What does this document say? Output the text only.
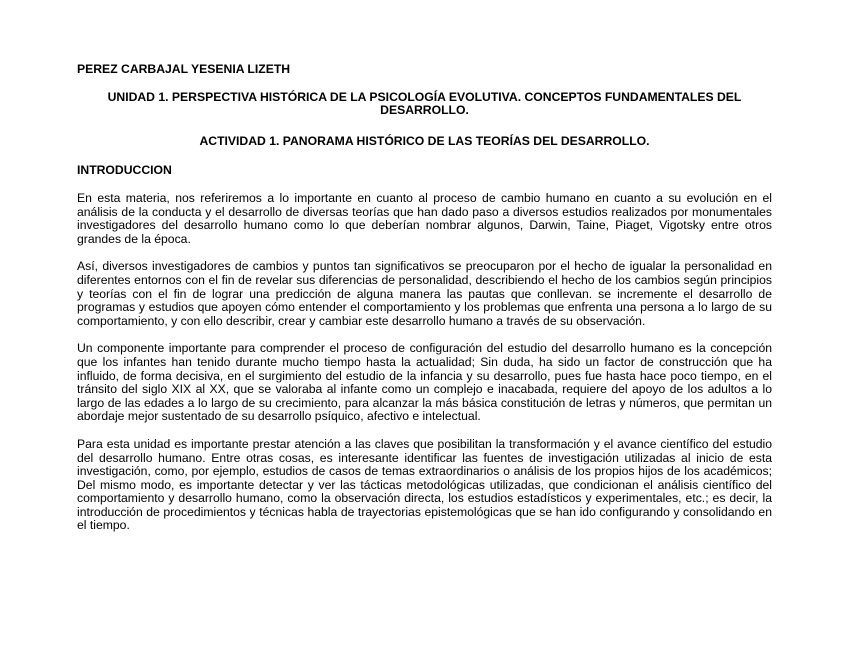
PEREZ CARBAJAL YESENIA LIZETH
UNIDAD 1. PERSPECTIVA HISTÓRICA DE LA PSICOLOGÍA EVOLUTIVA. CONCEPTOS FUNDAMENTALES DEL DESARROLLO.
ACTIVIDAD 1. PANORAMA HISTÓRICO DE LAS TEORÍAS DEL DESARROLLO.
INTRODUCCION

En esta materia, nos referiremos a lo importante en cuanto al proceso de cambio humano en cuanto a su evolución en el análisis de la conducta y el desarrollo de diversas teorías que han dado paso a diversos estudios realizados por monumentales investigadores del desarrollo humano como lo que deberían nombrar algunos, Darwin, Taine, Piaget, Vigotsky entre otros grandes de la época.

Así, diversos investigadores de cambios y puntos tan significativos se preocuparon por el hecho de igualar la personalidad en diferentes entornos con el fin de revelar sus diferencias de personalidad, describiendo el hecho de los cambios según principios y teorías con el fin de lograr una predicción de alguna manera las pautas que conllevan. se incremente el desarrollo de programas y estudios que apoyen cómo entender el comportamiento y los problemas que enfrenta una persona a lo largo de su comportamiento, y con ello describir, crear y cambiar este desarrollo humano a través de su observación.

Un componente importante para comprender el proceso de configuración del estudio del desarrollo humano es la concepción que los infantes han tenido durante mucho tiempo hasta la actualidad; Sin duda, ha sido un factor de construcción que ha influido, de forma decisiva, en el surgimiento del estudio de la infancia y su desarrollo, pues fue hasta hace poco tiempo, en el tránsito del siglo XIX al XX, que se valoraba al infante como un complejo e inacabada, requiere del apoyo de los adultos a lo largo de las edades a lo largo de su crecimiento, para alcanzar la más básica constitución de letras y números, que permitan un abordaje mejor sustentado de su desarrollo psíquico, afectivo e intelectual.

Para esta unidad es importante prestar atención a las claves que posibilitan la transformación y el avance científico del estudio del desarrollo humano. Entre otras cosas, es interesante identificar las fuentes de investigación utilizadas al inicio de esta investigación, como, por ejemplo, estudios de casos de temas extraordinarios o análisis de los propios hijos de los académicos; Del mismo modo, es importante detectar y ver las tácticas metodológicas utilizadas, que condicionan el análisis científico del comportamiento y desarrollo humano, como la observación directa, los estudios estadísticos y experimentales, etc.; es decir, la introducción de procedimientos y técnicas habla de trayectorias epistemológicas que se han ido configurando y consolidando en el tiempo.
